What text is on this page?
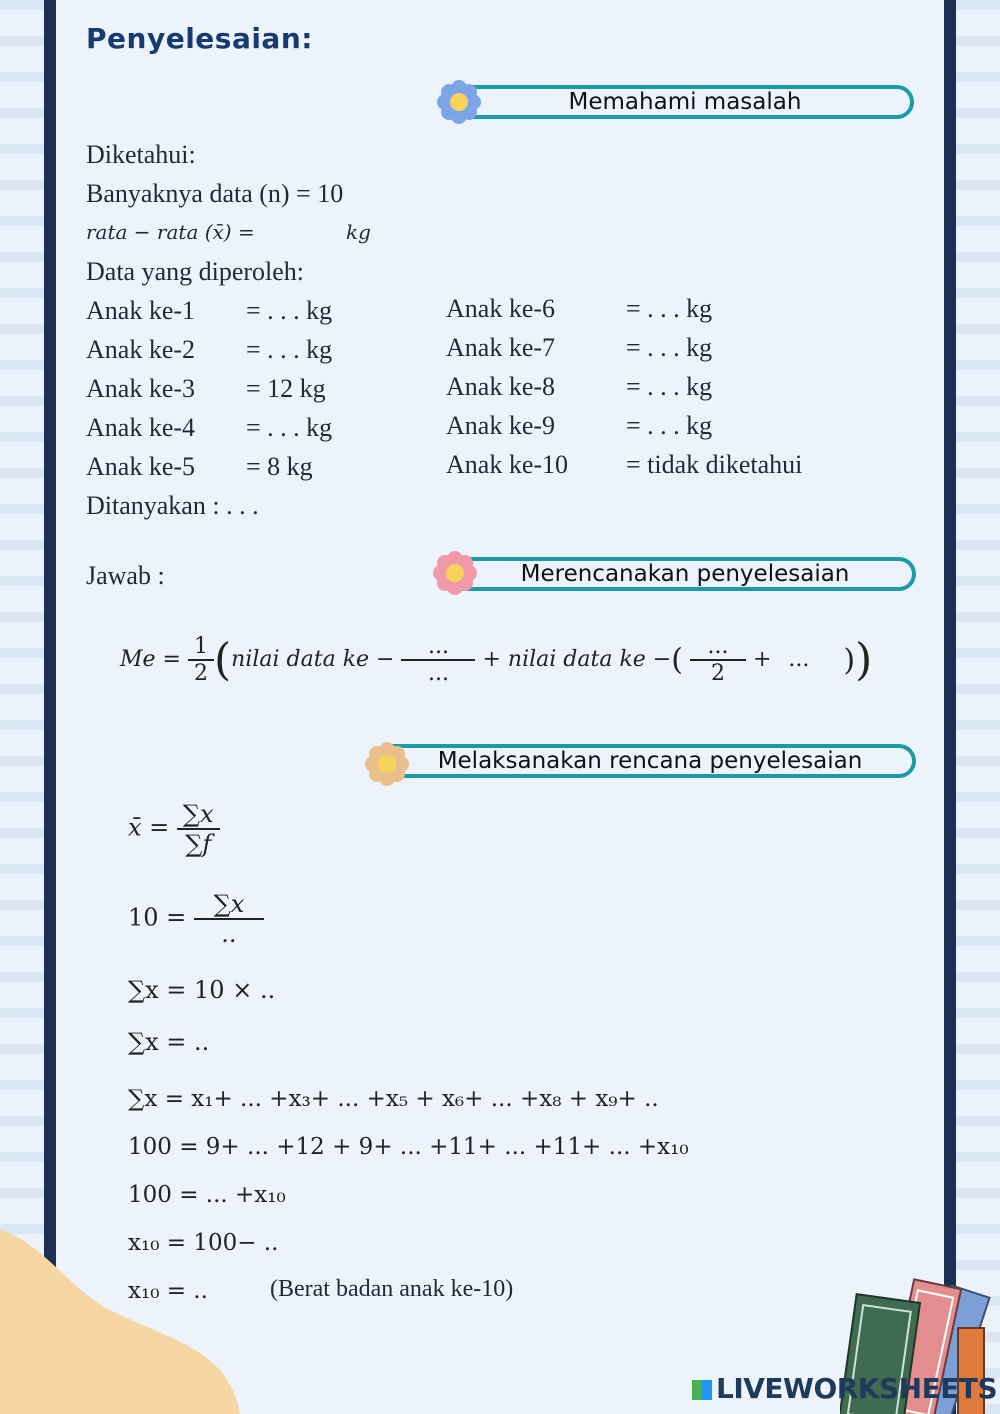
Penyelesaian:
Memahami masalah
Diketahui:
Banyaknya data (n) = 10
rata − rata (x̄) =	kg
Data yang diperoleh:
Anak ke-1 = . . . kg
Anak ke-2 = . . . kg
Anak ke-3 = 12 kg
Anak ke-4 = . . . kg
Anak ke-5 = 8 kg
Anak ke-6	= . . . kg
Anak ke-7	= . . . kg
Anak ke-8	= . . . kg
Anak ke-9	= . . . kg
Anak ke-10 = tidak diketahui
Ditanyakan : . . .
Jawab :	Merencanakan penyelesaian
$Me = \frac{1}{2}$ (nilai data ke − $\frac{...}{...}$ + nilai data ke −( $\frac{...}{2}$ + ... ))
Melaksanakan rencana penyelesaian
x̄ = $\frac{\sum x}{\sum f}$
$10 = \frac{\sum x}{..}$
∑x = 10 × ..
∑x = ..
∑x = x₁+ ... +x₃+ ... +x₅ + x₆+ ... +x₈ + x₉+ ..
100 = 9+ ... +12 + 9+ ... +11+ ... +11+ ... +x₁₀
100 = ... +x₁₀
x₁₀ = 100− ..
x₁₀ = ..	(Berat badan anak ke-10)
LIVEWORKSHEETS
